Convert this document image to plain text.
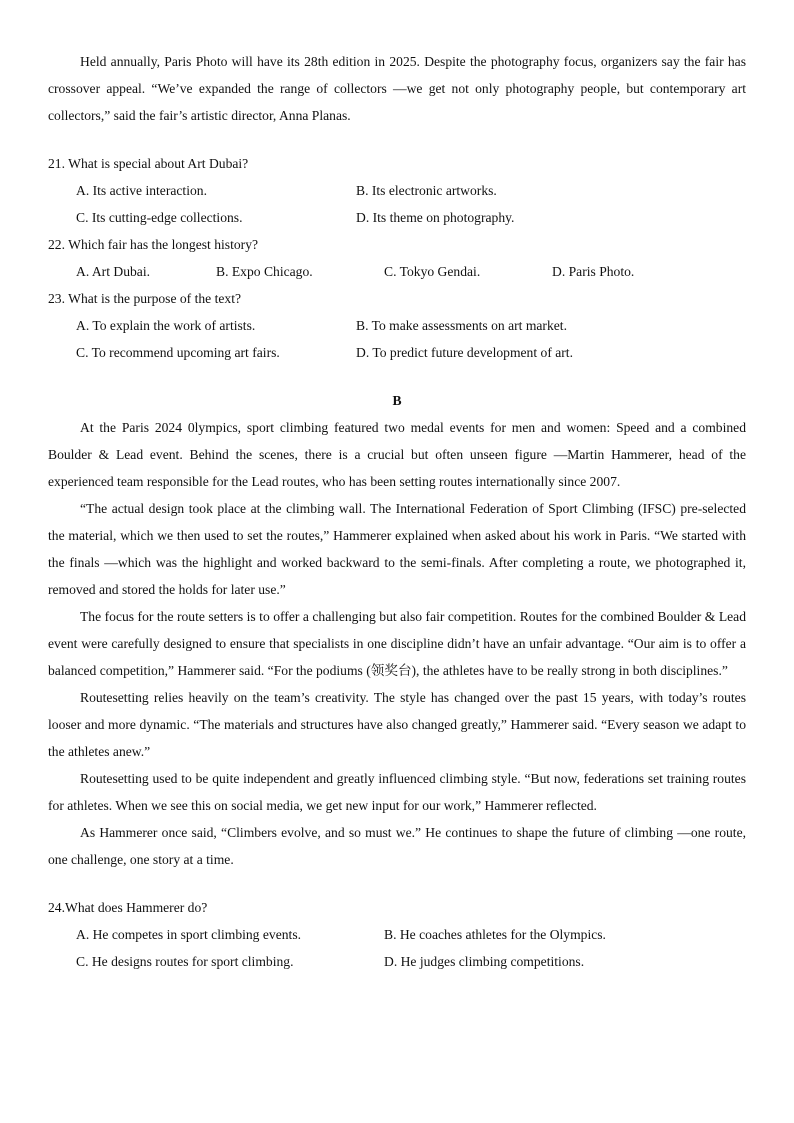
Held annually, Paris Photo will have its 28th edition in 2025. Despite the photography focus, organizers say the fair has crossover appeal. “We’ve expanded the range of collectors —we get not only photography people, but contemporary art collectors,” said the fair’s artistic director, Anna Planas.

21. What is special about Art Dubai?
A. Its active interaction.	B. Its electronic artworks.
C. Its cutting-edge collections.	D. Its theme on photography.
22. Which fair has the longest history?
A. Art Dubai.	B. Expo Chicago.	C. Tokyo Gendai.	D. Paris Photo.
23. What is the purpose of the text?
A. To explain the work of artists.	B. To make assessments on art market.
C. To recommend upcoming art fairs.	D. To predict future development of art.
B

At the Paris 2024 0lympics, sport climbing featured two medal events for men and women: Speed and a combined Boulder & Lead event. Behind the scenes, there is a crucial but often unseen figure —Martin Hammerer, head of the experienced team responsible for the Lead routes, who has been setting routes internationally since 2007.

“The actual design took place at the climbing wall. The International Federation of Sport Climbing (IFSC) pre-selected the material, which we then used to set the routes,” Hammerer explained when asked about his work in Paris. “We started with the finals —which was the highlight and worked backward to the semi-finals. After completing a route, we photographed it, removed and stored the holds for later use.”

The focus for the route setters is to offer a challenging but also fair competition. Routes for the combined Boulder & Lead event were carefully designed to ensure that specialists in one discipline didn’t have an unfair advantage. “Our aim is to offer a balanced competition,” Hammerer said. “For the podiums (领奖台), the athletes have to be really strong in both disciplines.”

Routesetting relies heavily on the team’s creativity. The style has changed over the past 15 years, with today’s routes looser and more dynamic. “The materials and structures have also changed greatly,” Hammerer said. “Every season we adapt to the athletes anew.”

Routesetting used to be quite independent and greatly influenced climbing style. “But now, federations set training routes for athletes. When we see this on social media, we get new input for our work,” Hammerer reflected.

As Hammerer once said, “Climbers evolve, and so must we.” He continues to shape the future of climbing —one route, one challenge, one story at a time.

24.What does Hammerer do?
A. He competes in sport climbing events.	B. He coaches athletes for the Olympics.
C. He designs routes for sport climbing.	D. He judges climbing competitions.
